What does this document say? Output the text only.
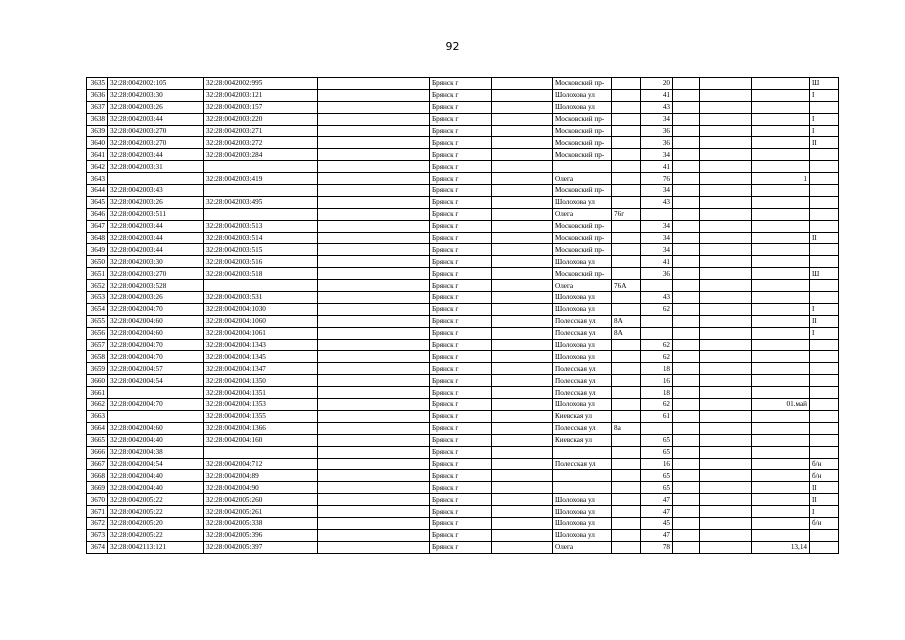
92
3635	32:28:0042002:105	32:28:0042002:995		Брянск г		Московский пр-		20				Ш
3636	32:28:0042003:30	32:28:0042003:121		Брянск г		Шолохова ул		41				I
3637	32:28:0042003:26	32:28:0042003:157		Брянск г		Шолохова ул		43				
3638	32:28:0042003:44	32:28:0042003:220		Брянск г		Московский пр-		34				I
3639	32:28:0042003:270	32:28:0042003:271		Брянск г		Московский пр-		36				I
3640	32:28:0042003:270	32:28:0042003:272		Брянск г		Московский пр-		36				II
3641	32:28:0042003:44	32:28:0042003:284		Брянск г		Московский пр-		34				
3642	32:28:0042003:31			Брянск г				41				
3643		32:28:0042003:419		Брянск г		Олега		76			1	
3644	32:28:0042003:43			Брянск г		Московский пр-		34				
3645	32:28:0042003:26	32:28:0042003:495		Брянск г		Шолохова ул		43				
3646	32:28:0042003:511			Брянск г		Олега	76г					
3647	32:28:0042003:44	32:28:0042003:513		Брянск г		Московский пр-		34				
3648	32:28:0042003:44	32:28:0042003:514		Брянск г		Московский пр-		34				II
3649	32:28:0042003:44	32:28:0042003:515		Брянск г		Московский пр-		34				
3650	32:28:0042003:30	32:28:0042003:516		Брянск г		Шолохова ул		41				
3651	32:28:0042003:270	32:28:0042003:518		Брянск г		Московский пр-		36				Ш
3652	32:28:0042003:528			Брянск г		Олега	76А					
3653	32:28:0042003:26	32:28:0042003:531		Брянск г		Шолохова ул		43				
3654	32:28:0042004:70	32:28:0042004:1030		Брянск г		Шолохова ул		62				I
3655	32:28:0042004:60	32:28:0042004:1060		Брянск г		Полесская ул	8А					II
3656	32:28:0042004:60	32:28:0042004:1061		Брянск г		Полесская ул	8А					I
3657	32:28:0042004:70	32:28:0042004:1343		Брянск г		Шолохова ул		62				
3658	32:28:0042004:70	32:28:0042004:1345		Брянск г		Шолохова ул		62				
3659	32:28:0042004:57	32:28:0042004:1347		Брянск г		Полесская ул		18				
3660	32:28:0042004:54	32:28:0042004:1350		Брянск г		Полесская ул		16				
3661		32:28:0042004:1351		Брянск г		Полесская ул		18				
3662	32:28:0042004:70	32:28:0042004:1353		Брянск г		Шолохова ул		62			01.май	
3663		32:28:0042004:1355		Брянск г		Киевская ул		61				
3664	32:28:0042004:60	32:28:0042004:1366		Брянск г		Полесская ул	8а					
3665	32:28:0042004:40	32:28:0042004:160		Брянск г		Киевская ул		65				
3666	32:28:0042004:38			Брянск г				65				
3667	32:28:0042004:54	32:28:0042004:712		Брянск г		Полесская ул		16				б/н
3668	32:28:0042004:40	32:28:0042004:89		Брянск г				65				б/н
3669	32:28:0042004:40	32:28:0042004:90		Брянск г				65				II
3670	32:28:0042005:22	32:28:0042005:260		Брянск г		Шолохова ул		47				II
3671	32:28:0042005:22	32:28:0042005:261		Брянск г		Шолохова ул		47				I
3672	32:28:0042005:20	32:28:0042005:338		Брянск г		Шолохова ул		45				б/н
3673	32:28:0042005:22	32:28:0042005:396		Брянск г		Шолохова ул		47				
3674	32:28:0042113:121	32:28:0042005:397		Брянск г		Олега		78			13,14	
